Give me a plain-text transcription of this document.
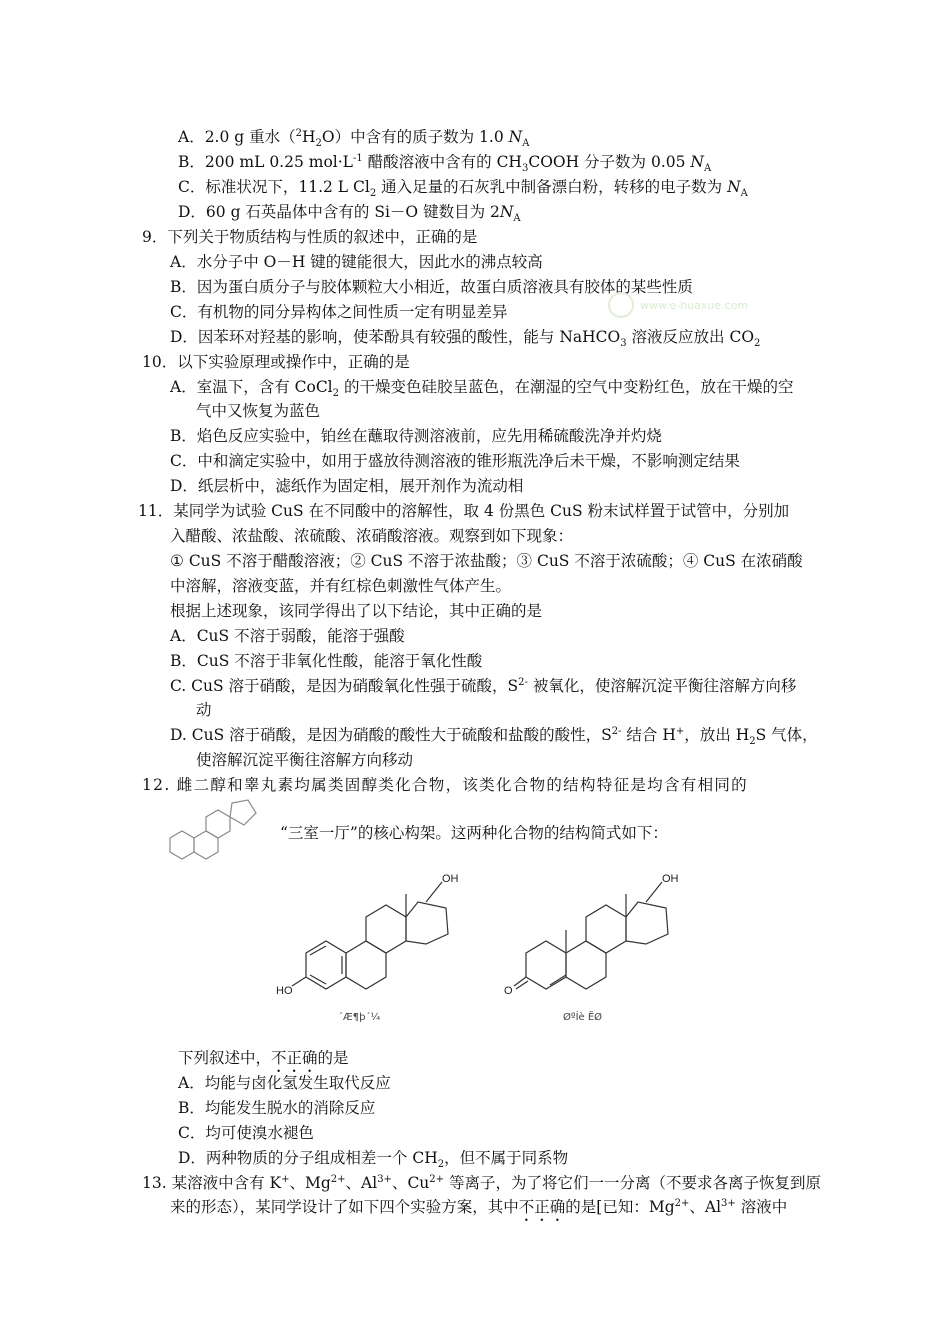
A．2.0 g 重水$(^2H_2O)$中含有的质子数为 1.0 $N_A$
B．200 mL 0.25 $mol\cdot L^{-1}$ 醋酸溶液中含有的 $CH_3COOH$ 分子数为 0.05 $N_A$
C．标准状况下，11.2 L $Cl_2$ 通入足量的石灰乳中制备漂白粉，转移的电子数为 $N_A$
D．60 g 石英晶体中含有的 Si－O 键数目为 $2N_A$
9．下列关于物质结构与性质的叙述中，正确的是
A．水分子中 O－H 键的键能很大，因此水的沸点较高
B．因为蛋白质分子与胶体颗粒大小相近，故蛋白质溶液具有胶体的某些性质
C．有机物的同分异构体之间性质一定有明显差异
D．因苯环对羟基的影响，使苯酚具有较强的酸性，能与 NaHCO$_3$ 溶液反应放出 $CO_2$
www.e-huaxue.com
10．以下实验原理或操作中，正确的是
A．室温下，含有 CoCl$_2$ 的干燥变色硅胶呈蓝色，在潮湿的空气中变粉红色，放在干燥的空
气中又恢复为蓝色
B．焰色反应实验中，铂丝在蘸取待测溶液前，应先用稀硫酸洗净并灼烧
C．中和滴定实验中，如用于盛放待测溶液的锥形瓶洗净后未干燥，不影响测定结果
D．纸层析中，滤纸作为固定相，展开剂作为流动相
11．某同学为试验 CuS 在不同酸中的溶解性，取 4 份黑色 CuS 粉末试样置于试管中，分别加
入醋酸、浓盐酸、浓硫酸、浓硝酸溶液。观察到如下现象：
① CuS 不溶于醋酸溶液；② CuS 不溶于浓盐酸；③ CuS 不溶于浓硫酸；④ CuS 在浓硝酸
中溶解，溶液变蓝，并有红棕色刺激性气体产生。
根据上述现象，该同学得出了以下结论，其中正确的是
A．CuS 不溶于弱酸，能溶于强酸
B．CuS 不溶于非氧化性酸，能溶于氧化性酸
C. CuS 溶于硝酸，是因为硝酸氧化性强于硫酸，$S^{2-}$ 被氧化，使溶解沉淀平衡往溶解方向移
动
D. CuS 溶于硝酸，是因为硝酸的酸性大于硫酸和盐酸的酸性，$S^{2-}$ 结合 H+，放出 $H_2S$ 气体，
使溶解沉淀平衡往溶解方向移动
12. 雌二醇和睾丸素均属类固醇类化合物，该类化合物的结构特征是均含有相同的
“三室一厅”的核心构架。这两种化合物的结构简式如下：
OH
HO
OH
O
´Æ¶þ´¼	ØºÍè ËØ
下列叙述中，不正确的是
A．均能与卤化氢发生取代反应
B．均能发生脱水的消除反应
C．均可使溴水褪色
D．两种物质的分子组成相差一个 $CH_2$，但不属于同系物
13. 某溶液中含有 K+、$Mg^{2+}$、$Al^{3+}$、$Cu^{2+}$ 等离子，为了将它们一一分离（不要求各离子恢复到原
来的形态），某同学设计了如下四个实验方案，其中不正确的是[已知：$Mg^{2+}$、$Al^{3+}$ 溶液中
